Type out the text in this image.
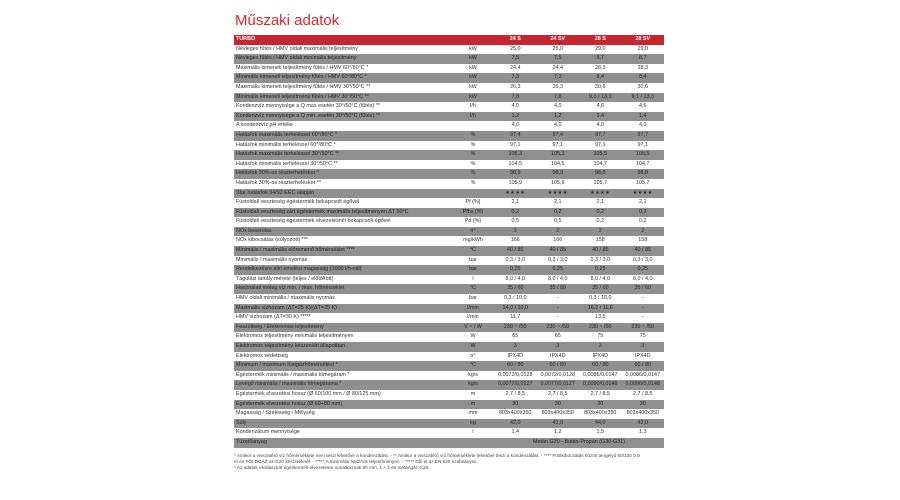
Műszaki adatok
TURBO		24 S	24 SV	28 S	28 SV
Névleges fűtés / HMV oldali maximális teljesítmény	kW	25,0	25,0	29,0	29,0
Névleges fűtés / HMV oldali minimális teljesítmény	kW	7,5	7,5	8,7	8,7
Maximális kimeneti teljesítmény fűtés / HMV 60°/80°C *	kW	24,4	24,4	28,3	28,3
Minimális kimeneti teljesítmény fűtés / HMV 60°/80°C *	kW	7,3	7,3	8,4	8,4
Maximális kimeneti teljesítmény fűtés / HMV 30°/50°C **	kW	26,3	26,3	30,6	30,6
Minimális kimeneti teljesítmény fűtés / HMV 30°/50°C **	kW	7,8	7,8	9,1 / 13,3	9,1 / 13,3
Kondenzvíz mennyisége a Q max esetén 30°/50°C (fűtés) **	l/h	4,0	4,0	4,6	4,6
Kondenzvíz mennyisége a Q min. esetén 30°/50°C (fűtés) **	l/h	1,2	1,2	1,4	1,4
A kondenzvíz pH értéke		4,0	4,0	4,0	4,0
Hatásfok maximális terheléssel 60°/80°C *	%	97,4	97,4	97,7	97,7
Hatásfok minimális terheléssel 60°/80°C *	%	97,1	97,1	97,1	97,1
Hatásfok maximális terheléssel 30°/50°C **	%	105,3	105,3	105,5	105,5
Hatásfok minimális terheléssel 30°/50°C **	%	104,5	104,5	104,7	104,7
Hatásfok 30%-os részterheléskor *	%	98,9	98,9	98,8	98,8
Hatásfok 30%-os részterheléskor **	%	105,9	105,9	105,7	105,7
Star hatásfok 94/92 EEC alapján		★★★★	★★★★	★★★★	★★★★
Füstoldali veszteség égéstermék bekapcsolt égővel	Pf (%)	2,1	2,1	2,1	2,1
Füstoldali veszteség zárt égéstermék maximális teljesítményen ΔT 50°C	Pfbs (%)	0,2	0,2	0,2	0,2
Füstoldali veszteség égéstermék elvezetésnél bekapcsolt égővel	Pd (%)	0,5	0,5	0,2	0,2
NOx besorolás	n°	2	2	2	2
NOx kibocsátás (súlyozott) ***	mg/kWh	166	166	158	158
Minimális / maximális előremenő hőmérséklet ****	°C	40 / 85	40 / 85	40 / 85	40 / 85
Minimális / maximális nyomás	bar	0,3 / 3,0	0,3 / 3,0	0,3 / 3,0	0,3 / 3,0
Rendelkezésre álló emelési magasság (1000 l/h-nál)	bar	0,25	0,25	0,25	0,25
Tágulási tartály mérete (teljes / előtöltött)	l	8,0 / 4,0	8,0 / 4,0	8,0 / 4,0	8,0 / 4,0
Használati meleg víz min. / max. hőmérséklet	°C	35 / 60	35 / 60	35 / 60	35 / 60
HMV oldali minimális / maximális nyomás	bar	0,3 / 10,0	-	0,3 / 10,0	-
Maximális vízhozam (ΔT=25 K)/(ΔT=35 K)	l/min	14,0 / 10,0	-	16,2 / 11,6	-
HMV vízhozam (ΔT=30 K) *****	l/min	11,7	-	13,5	-
Feszültség / Elektromos teljesítmény	V ~ / W	230 ~ /50	230 ~ /50	230 ~ /50	230 ~ /50
Elektromos teljesítmény minimális teljesítményen	W	65	65	75	75
Elektromos teljesítmény készenléti állapotban	W	3	3	3	3
Elektromos védettség	n°	IPX4D	IPX4D	IPX4D	IPX4D
Minimum / maximum füstgázhőmérséklet *	°C	60 / 80	60 / 80	60 / 80	60 / 80
Égéstermék minimális / maximális tömegáram *	kg/s	0,0072/0,0128	0,0072/0,0128	0,0086/0,0147	0,0086/0,0147
Levegő minimális / maximális tömegárama *	kg/s	0,0077/0,0127	0,0077/0,0127	0,0090/0,0148	0,0090/0,0148
Égéstermék elvezetési hossz (Ø 60/100 mm / Ø 80/125 mm)	m	2,7 / 8,5	2,7 / 8,5	2,7 / 8,5	2,7 / 8,5
Égéstermék elvezetési hossz (Ø 60+80 mm)	m	30	30	30	30
Magasság / Szélesség / Mélység	mm	803x400x350	803x400x350	803x400x350	803x400x350
Súly	kg	42,0	41,0	44,0	42,0
Kondenzátum mennyisége	l	1,4	1,2	1,5	1,3
Tüzelőanyag		Metán G20 - Bután-Propán (G30-G31)			
* Amikor a visszatérő víz hőmérséklete nem teszi lehetővé a kondenzálást. - ** Amikor a visszatérő víz hőmérséklete lehetővé teszi a kondenzálást. - **** Füstkibocsátás közös tengelyű 60/100 0,9
m és FÖLDGÁZ az G20 készüléknél. - ***** A minimális hasznos teljesítményen. - ***** Dűl el az EN 625 szabványra.
* Az adatok elválasztott égéstermék elvezetésre vonatkoznak 80 mm, 1 + 1 és metángáz G20.
